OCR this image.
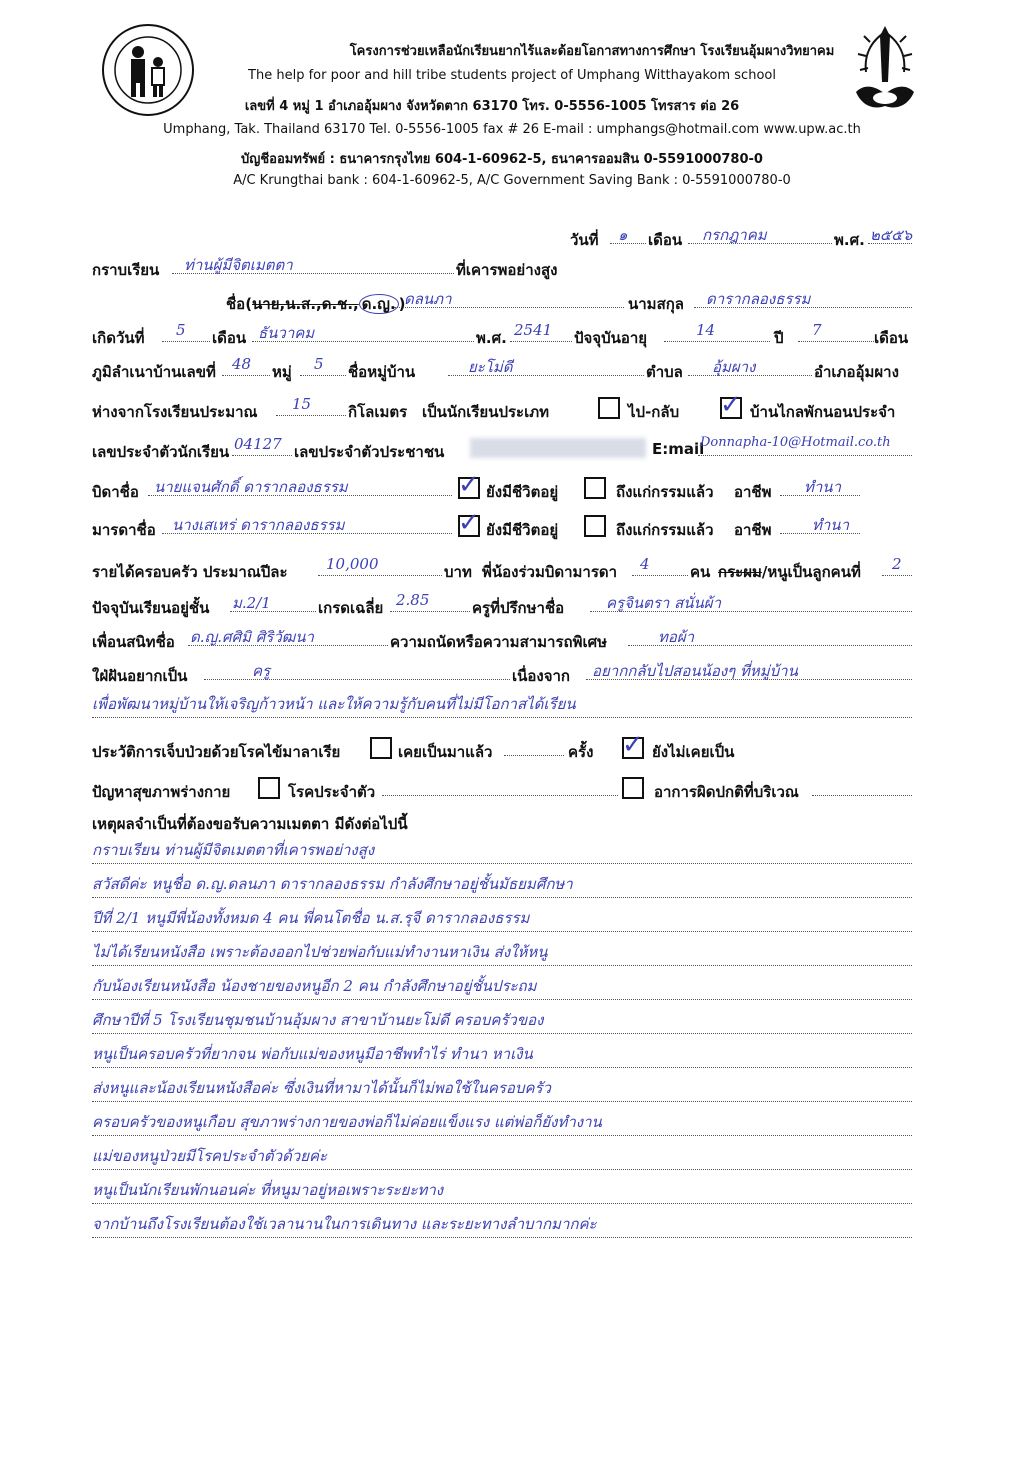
โครงการช่วยเหลือนักเรียนยากไร้และด้อยโอกาสทางการศึกษา โรงเรียนอุ้มผางวิทยาคม
The help for poor and hill tribe students project of Umphang Witthayakom school
เลขที่ 4 หมู่ 1 อำเภออุ้มผาง จังหวัดตาก 63170 โทร. 0-5556-1005 โทรสาร ต่อ 26
Umphang, Tak. Thailand 63170 Tel. 0-5556-1005 fax # 26 E-mail : umphangs@hotmail.com www.upw.ac.th
บัญชีออมทรัพย์ : ธนาคารกรุงไทย 604-1-60962-5, ธนาคารออมสิน 0-5591000780-0
A/C Krungthai bank : 604-1-60962-5, A/C Government Saving Bank : 0-5591000780-0
วันที่ ๑ เดือน กรกฎาคม	พ.ศ. ๒๕๕๖
กราบเรียน ท่านผู้มีจิตเมตตา	ที่เคารพอย่างสูง
ชื่อ(นาย,น.ส.,ด.ช., ด.ญ. )
ดลนภา	นามสกุล ดารากลองธรรม
เกิดวันที่ 5 เดือน ธันวาคม	พ.ศ. 2541 ปัจจุบันอายุ	14	ปี 7	เดือน
ภูมิลำเนาบ้านเลขที่ 48 หมู่ 5 ชื่อหมู่บ้าน	ยะโม่ดี	ตำบล อุ้มผาง	อำเภออุ้มผาง
ห่างจากโรงเรียนประมาณ 15 กิโลเมตร เป็นนักเรียนประเภท	ไป-กลับ ✓ บ้านไกลพักนอนประจำ
เลขประจำตัวนักเรียน 04127 เลขประจำตัวประชาชน	E:mail
Donnapha-10@Hotmail.co.th
บิดาชื่อ นายแจนศักดิ์ ดารากลองธรรม	✓ ยังมีชีวิตอยู่	ถึงแก่กรรมแล้ว อาชีพ ทำนา
มารดาชื่อ นางเสเหร่ ดารากลองธรรม	✓ ยังมีชีวิตอยู่	ถึงแก่กรรมแล้ว อาชีพ	ทำนา
รายได้ครอบครัว ประมาณปีละ	10,000	บาท พี่น้องร่วมบิดามารดา 4	คน กระผม/หนูเป็นลูกคนที่ 2
ปัจจุบันเรียนอยู่ชั้น ม.2/1	เกรดเฉลี่ย 2.85	ครูที่ปรึกษาชื่อ	ครูจินตรา สนั่นผ้า
เพื่อนสนิทชื่อ ด.ญ.ศศิมิ ศิริวัฒนา	ความถนัดหรือความสามารถพิเศษ	ทอผ้า
ใฝ่ฝันอยากเป็น	ครู	เนื่องจาก อยากกลับไปสอนน้องๆ ที่หมู่บ้าน
เพื่อพัฒนาหมู่บ้านให้เจริญก้าวหน้า และให้ความรู้กับคนที่ไม่มีโอกาสได้เรียน
ประวัติการเจ็บป่วยด้วยโรคไข้มาลาเรีย	เคยเป็นมาแล้ว	ครั้ง ✓ ยังไม่เคยเป็น
ปัญหาสุขภาพร่างกาย	โรคประจำตัว	อาการผิดปกติที่บริเวณ
เหตุผลจำเป็นที่ต้องขอรับความเมตตา มีดังต่อไปนี้
กราบเรียน ท่านผู้มีจิตเมตตาที่เคารพอย่างสูง
สวัสดีค่ะ หนูชื่อ ด.ญ.ดลนภา ดารากลองธรรม กำลังศึกษาอยู่ชั้นมัธยมศึกษา
ปีที่ 2/1 หนูมีพี่น้องทั้งหมด 4 คน พี่คนโตชื่อ น.ส.รุจี ดารากลองธรรม
ไม่ได้เรียนหนังสือ เพราะต้องออกไปช่วยพ่อกับแม่ทำงานหาเงิน ส่งให้หนู
กับน้องเรียนหนังสือ น้องชายของหนูอีก 2 คน กำลังศึกษาอยู่ชั้นประถม
ศึกษาปีที่ 5 โรงเรียนชุมชนบ้านอุ้มผาง สาขาบ้านยะโม่ดี ครอบครัวของ
หนูเป็นครอบครัวที่ยากจน พ่อกับแม่ของหนูมีอาชีพทำไร่ ทำนา หาเงิน
ส่งหนูและน้องเรียนหนังสือค่ะ ซึ่งเงินที่หามาได้นั้นก็ไม่พอใช้ในครอบครัว
ครอบครัวของหนูเกือบ สุขภาพร่างกายของพ่อก็ไม่ค่อยแข็งแรง แต่พ่อก็ยังทำงาน
แม่ของหนูป่วยมีโรคประจำตัวด้วยค่ะ
หนูเป็นนักเรียนพักนอนค่ะ ที่หนูมาอยู่หอเพราะระยะทาง
จากบ้านถึงโรงเรียนต้องใช้เวลานานในการเดินทาง และระยะทางลำบากมากค่ะ
